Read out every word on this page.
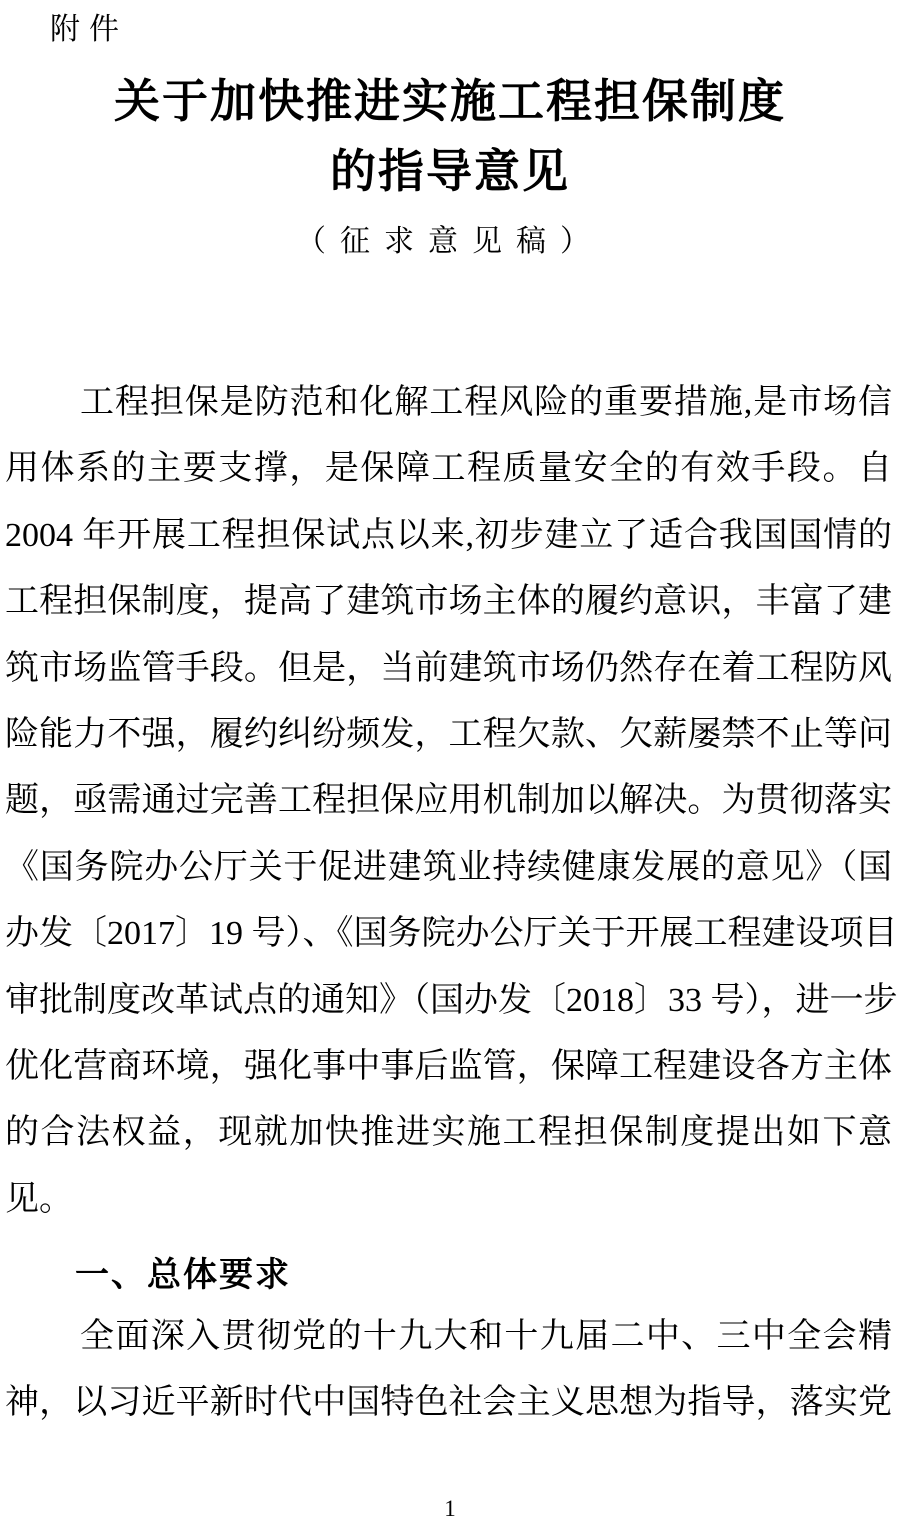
附件
关于加快推进实施工程担保制度
的指导意见
（征求意见稿）
工程担保是防范和化解工程风险的重要措施,是市场信
用体系的主要支撑，是保障工程质量安全的有效手段。自
2004 年开展工程担保试点以来,初步建立了适合我国国情的
工程担保制度，提高了建筑市场主体的履约意识，丰富了建
筑市场监管手段。但是，当前建筑市场仍然存在着工程防风
险能力不强，履约纠纷频发，工程欠款、欠薪屡禁不止等问
题，亟需通过完善工程担保应用机制加以解决。为贯彻落实
《国务院办公厅关于促进建筑业持续健康发展的意见》（国
办发〔2017〕19 号）、《国务院办公厅关于开展工程建设项目
审批制度改革试点的通知》（国办发〔2018〕33 号），进一步
优化营商环境，强化事中事后监管，保障工程建设各方主体
的合法权益，现就加快推进实施工程担保制度提出如下意
见。
一、总体要求
全面深入贯彻党的十九大和十九届二中、三中全会精
神，以习近平新时代中国特色社会主义思想为指导，落实党
1
